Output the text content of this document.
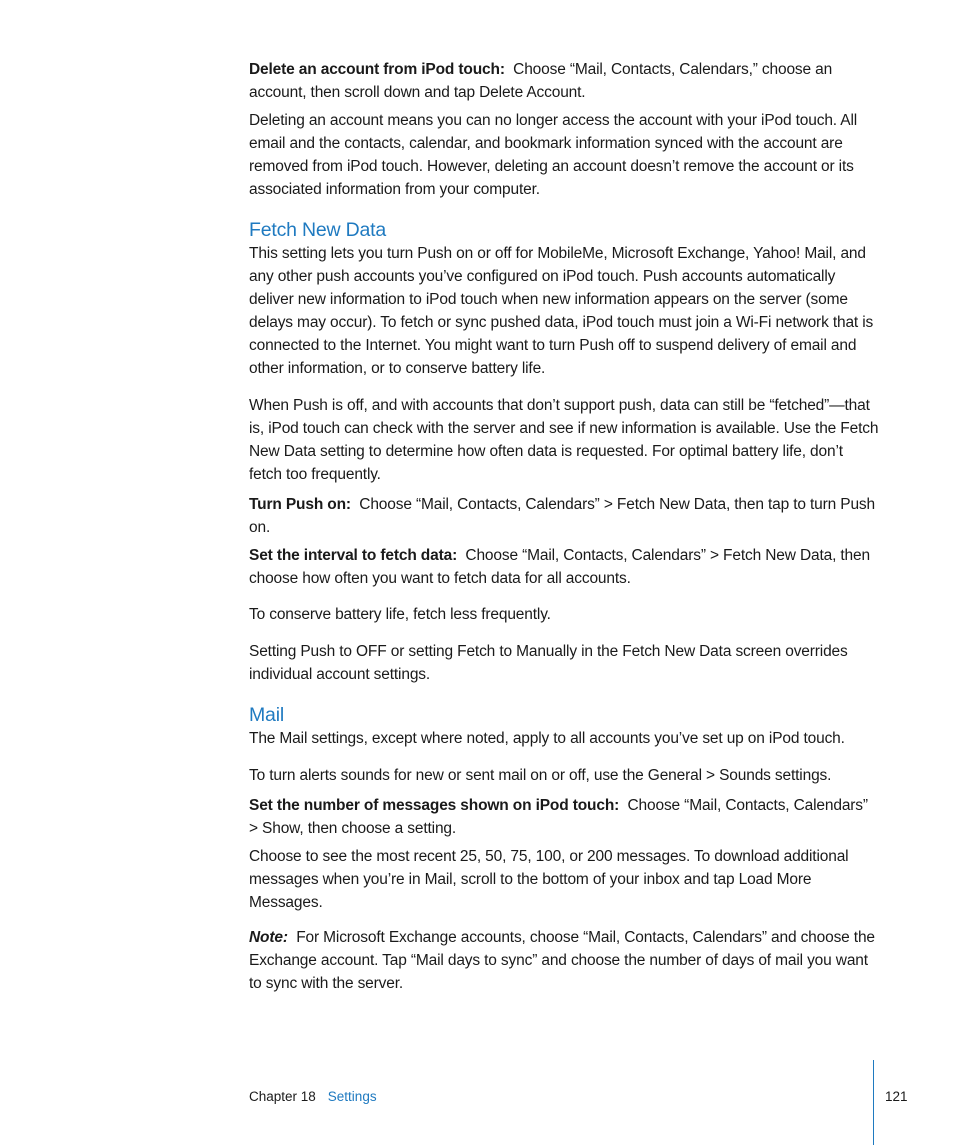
Delete an account from iPod touch: Choose “Mail, Contacts, Calendars,” choose an account, then scroll down and tap Delete Account.

Deleting an account means you can no longer access the account with your iPod touch. All email and the contacts, calendar, and bookmark information synced with the account are removed from iPod touch. However, deleting an account doesn’t remove the account or its associated information from your computer.

Fetch New Data

This setting lets you turn Push on or off for MobileMe, Microsoft Exchange, Yahoo! Mail, and any other push accounts you’ve configured on iPod touch. Push accounts automatically deliver new information to iPod touch when new information appears on the server (some delays may occur). To fetch or sync pushed data, iPod touch must join a Wi-Fi network that is connected to the Internet. You might want to turn Push off to suspend delivery of email and other information, or to conserve battery life.

When Push is off, and with accounts that don’t support push, data can still be “fetched”—that is, iPod touch can check with the server and see if new information is available. Use the Fetch New Data setting to determine how often data is requested. For optimal battery life, don’t fetch too frequently.

Turn Push on: Choose “Mail, Contacts, Calendars” > Fetch New Data, then tap to turn Push on.

Set the interval to fetch data: Choose “Mail, Contacts, Calendars” > Fetch New Data, then choose how often you want to fetch data for all accounts.

To conserve battery life, fetch less frequently.

Setting Push to OFF or setting Fetch to Manually in the Fetch New Data screen overrides individual account settings.

Mail

The Mail settings, except where noted, apply to all accounts you’ve set up on iPod touch.

To turn alerts sounds for new or sent mail on or off, use the General > Sounds settings.

Set the number of messages shown on iPod touch: Choose “Mail, Contacts, Calendars” > Show, then choose a setting.

Choose to see the most recent 25, 50, 75, 100, or 200 messages. To download additional messages when you’re in Mail, scroll to the bottom of your inbox and tap Load More Messages.

Note: For Microsoft Exchange accounts, choose “Mail, Contacts, Calendars” and choose the Exchange account. Tap “Mail days to sync” and choose the number of days of mail you want to sync with the server.

Chapter 18 Settings	121
